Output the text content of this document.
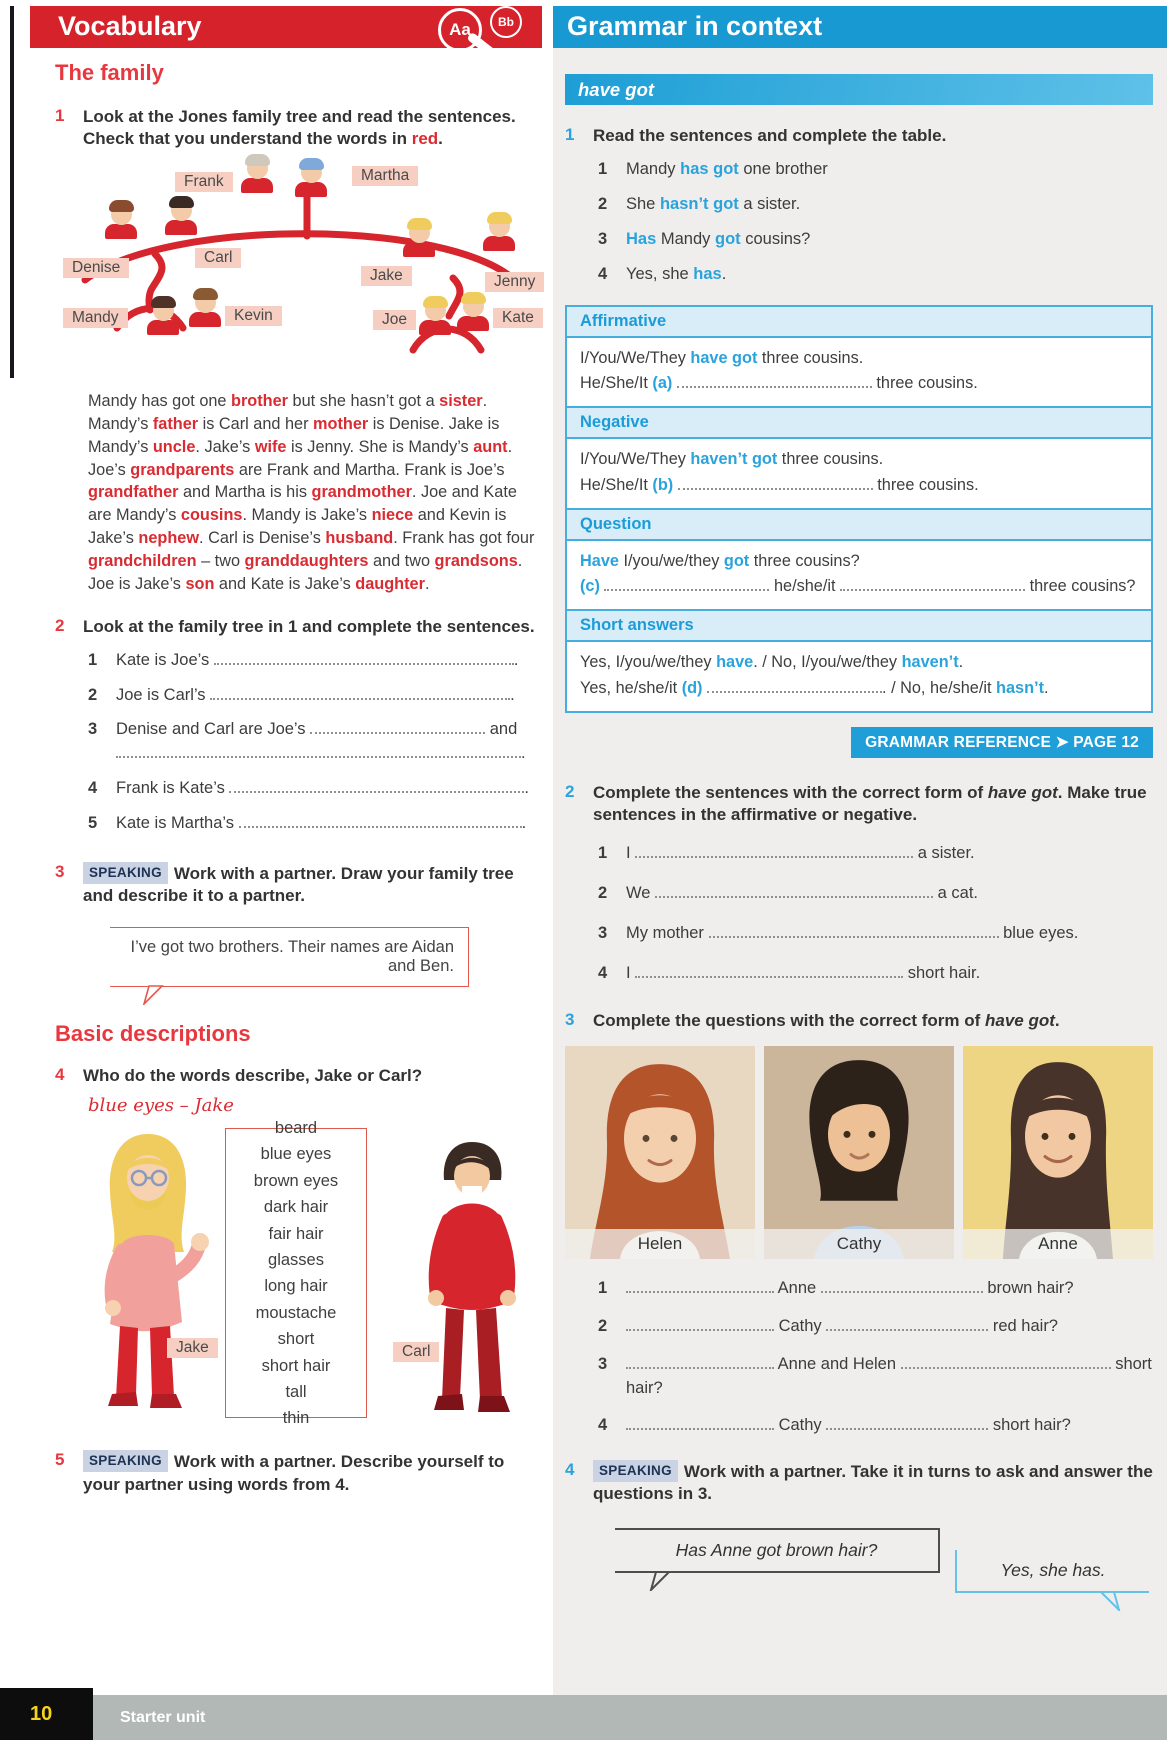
Vocabulary	Aa Bb Grammar in context
The family
1	Look at the Jones family tree and read the sentences. Check that you understand the words in red.
Frank	Martha
Denise
Carl
Jake	Jenny
Mandy	Kevin	Joe	Kate
Mandy has got one brother but she hasn’t got a sister. Mandy’s father is Carl and her mother is Denise. Jake is Mandy’s uncle. Jake’s wife is Jenny. She is Mandy’s aunt. Joe’s grandparents are Frank and Martha. Frank is Joe’s grandfather and Martha is his grandmother. Joe and Kate are Mandy’s cousins. Mandy is Jake’s niece and Kevin is Jake’s nephew. Carl is Denise’s husband. Frank has got four grandchildren – two granddaughters and two grandsons. Joe is Jake’s son and Kate is Jake’s daughter.
2	Look at the family tree in 1 and complete the sentences.
1	Kate is Joe’s	.
2	Joe is Carl’s	.
3	Denise and Carl are Joe’s	and .
4	Frank is Kate’s	.
5	Kate is Martha’s	.
3	SPEAKING Work with a partner. Draw your family tree and describe it to a partner.
I’ve got two brothers. Their names are Aidan and Ben.
Basic descriptions
4	Who do the words describe, Jake or Carl?
blue eyes – Jake
beard
blue eyes
brown eyes
dark hair
fair hair
glasses
long hair
moustache
short
short hair
tall
thin
Jake	Carl
5	SPEAKING Work with a partner. Describe yourself to your partner using words from 4.
have got
1	Read the sentences and complete the table.
1	Mandy has got one brother
2	She hasn’t got a sister.
3	Has Mandy got cousins?
4	Yes, she has.
Affirmative
I/You/We/They have got three cousins.
He/She/It (a)	three cousins.
Negative
I/You/We/They haven’t got three cousins.
He/She/It (b)	three cousins.
Question
Have I/you/we/they got three cousins?
(c)	he/she/it	three cousins?
Short answers
Yes, I/you/we/they have. / No, I/you/we/they haven’t.
Yes, he/she/it (d)	. / No, he/she/it hasn’t.
GRAMMAR REFERENCE ➤ PAGE 12
2	Complete the sentences with the correct form of have got. Make true sentences in the affirmative or negative.
1	I	a sister.
2	We	a cat.
3	My mother	blue eyes.
4	I	short hair.
3	Complete the questions with the correct form of have got.
Helen	Cathy	Anne
1	Anne	brown hair?
2	Cathy	red hair?
3	Anne and Helen	short hair?
4	Cathy	short hair?
4	SPEAKING Work with a partner. Take it in turns to ask and answer the questions in 3.
Has Anne got brown hair?
Yes, she has.
Starter unit
10
